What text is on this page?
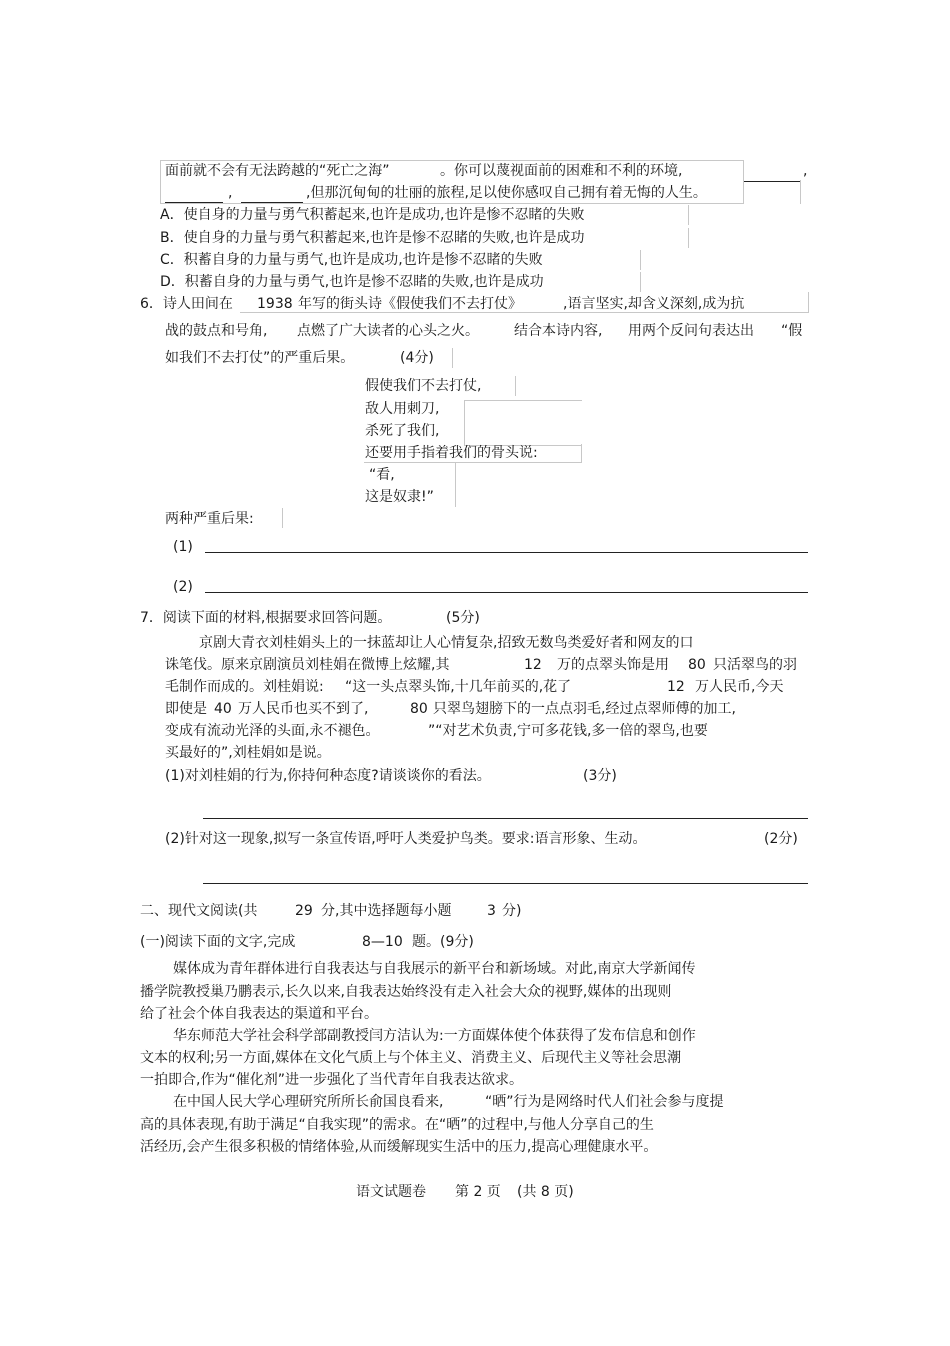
面前就不会有无法跨越的“死亡之海”	。你可以蔑视面前的困难和不利的环境,	,
,	,但那沉甸甸的壮丽的旅程,足以使你感叹自己拥有着无悔的人生。
A．使自身的力量与勇气积蓄起来,也许是成功,也许是惨不忍睹的失败
B．使自身的力量与勇气积蓄起来,也许是惨不忍睹的失败,也许是成功
C．积蓄自身的力量与勇气,也许是成功,也许是惨不忍睹的失败
D．积蓄自身的力量与勇气,也许是惨不忍睹的失败,也许是成功
6．诗人田间在 1938 年写的街头诗《假使我们不去打仗》	,语言坚实,却含义深刻,成为抗
战的鼓点和号角, 点燃了广大读者的心头之火。	结合本诗内容, 用两个反问句表达出 “假
如我们不去打仗”的严重后果。	(4分)
假使我们不去打仗,
敌人用刺刀,
杀死了我们,
还要用手指着我们的骨头说:
“看,
这是奴隶!”
两种严重后果:
(1)
(2)
7．阅读下面的材料,根据要求回答问题。	(5分)
京剧大青衣刘桂娟头上的一抹蓝却让人心情复杂,招致无数鸟类爱好者和网友的口
诛笔伐。原来京剧演员刘桂娟在微博上炫耀,其	12 万的点翠头饰是用 80 只活翠鸟的羽
毛制作而成的。刘桂娟说: “这一头点翠头饰,十几年前买的,花了	12 万人民币,今天
即使是 40 万人民币也买不到了,	80 只翠鸟翅膀下的一点点羽毛,经过点翠师傅的加工,
变成有流动光泽的头面,永不褪色。	”“对艺术负责,宁可多花钱,多一倍的翠鸟,也要
买最好的”,刘桂娟如是说。
(1)对刘桂娟的行为,你持何种态度?请谈谈你的看法。	(3分)
(2)针对这一现象,拟写一条宣传语,呼吁人类爱护鸟类。要求:语言形象、生动。	(2分)
二、现代文阅读(共	29 分,其中选择题每小题	3 分)
(一)阅读下面的文字,完成	8—10 题。(9分)
媒体成为青年群体进行自我表达与自我展示的新平台和新场域。对此,南京大学新闻传
播学院教授巢乃鹏表示,长久以来,自我表达始终没有走入社会大众的视野,媒体的出现则
给了社会个体自我表达的渠道和平台。
华东师范大学社会科学部副教授闫方洁认为:一方面媒体使个体获得了发布信息和创作
文本的权利;另一方面,媒体在文化气质上与个体主义、消费主义、后现代主义等社会思潮
一拍即合,作为“催化剂”进一步强化了当代青年自我表达欲求。
在中国人民大学心理研究所所长俞国良看来,	“晒”行为是网络时代人们社会参与度提
高的具体表现,有助于满足“自我实现”的需求。在“晒”的过程中,与他人分享自己的生
活经历,会产生很多积极的情绪体验,从而缓解现实生活中的压力,提高心理健康水平。
语文试题卷 第 2 页 (共 8 页)
